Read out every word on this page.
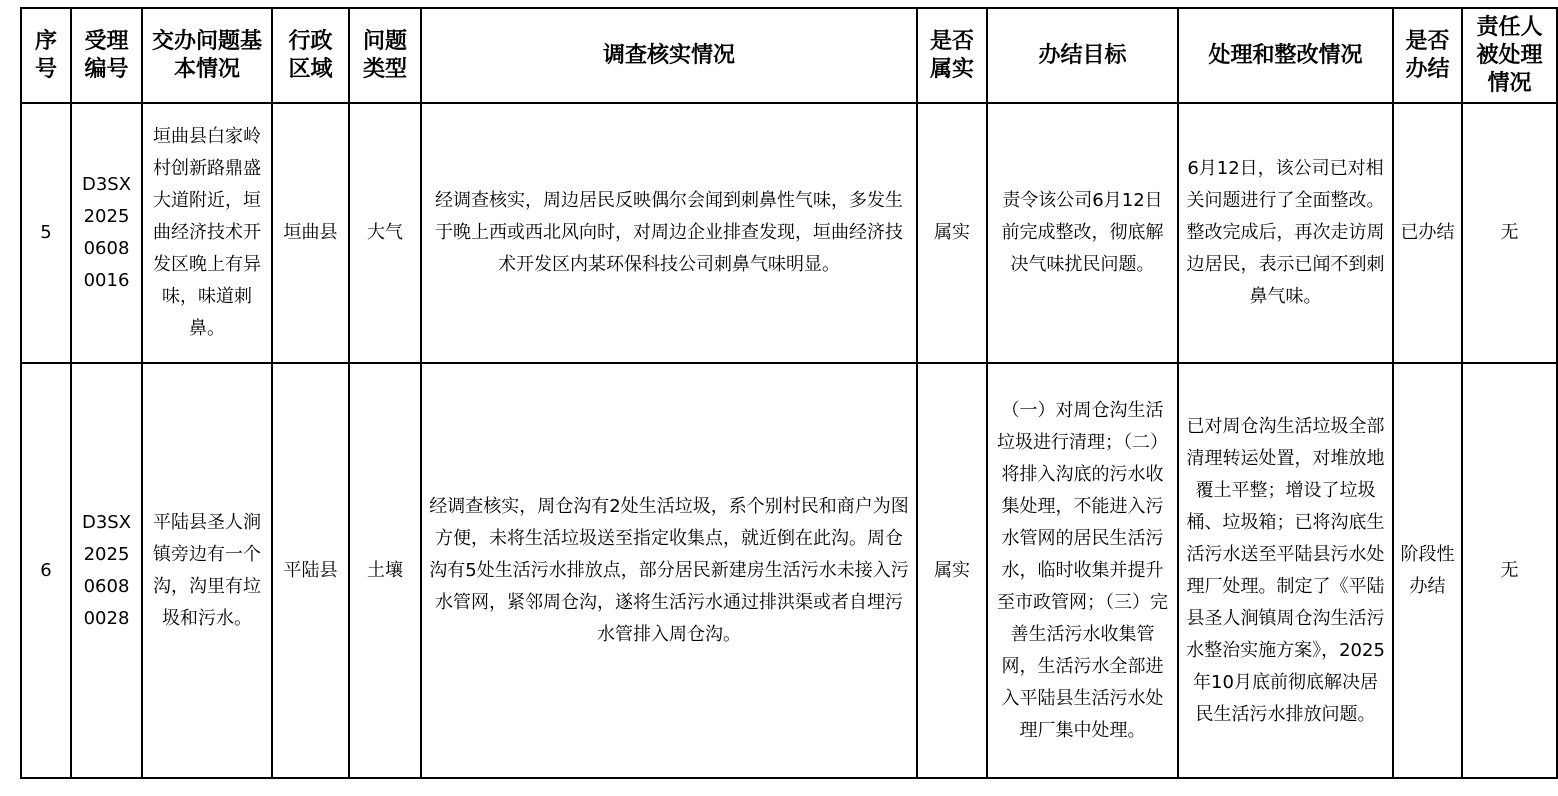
序号	受理编号	交办问题基本情况	行政区域	问题类型	调查核实情况	是否属实	办结目标	处理和整改情况	是否办结	责任人被处理情况
5	D3SX20250608 0016	垣曲县白家岭村创新路鼎盛大道附近，垣曲经济技术开发区晚上有异味，味道刺鼻。	垣曲县	大气	经调查核实，周边居民反映偶尔会闻到刺鼻性气味，多发生于晚上西或西北风向时，对周边企业排查发现，垣曲经济技术开发区内某环保科技公司刺鼻气味明显。	属实	责令该公司6月12日前完成整改，彻底解决气味扰民问题。	6月12日，该公司已对相关问题进行了全面整改。整改完成后，再次走访周边居民，表示已闻不到刺鼻气味。	已办结	无
6	D3SX20250608 0028	平陆县圣人涧镇旁边有一个沟，沟里有垃圾和污水。	平陆县	土壤	经调查核实，周仓沟有2处生活垃圾，系个别村民和商户为图方便，未将生活垃圾送至指定收集点，就近倒在此沟。周仓沟有5处生活污水排放点，部分居民新建房生活污水未接入污水管网，紧邻周仓沟，遂将生活污水通过排洪渠或者自埋污水管排入周仓沟。	属实	（一）对周仓沟生活垃圾进行清理；（二）将排入沟底的污水收集处理，不能进入污水管网的居民生活污水，临时收集并提升至市政管网；（三）完善生活污水收集管网，生活污水全部进入平陆县生活污水处理厂集中处理。	已对周仓沟生活垃圾全部清理转运处置，对堆放地覆土平整；增设了垃圾桶、垃圾箱；已将沟底生活污水送至平陆县污水处理厂处理。制定了《平陆县圣人涧镇周仓沟生活污水整治实施方案》，2025年10月底前彻底解决居民生活污水排放问题。	阶段性办结	无
